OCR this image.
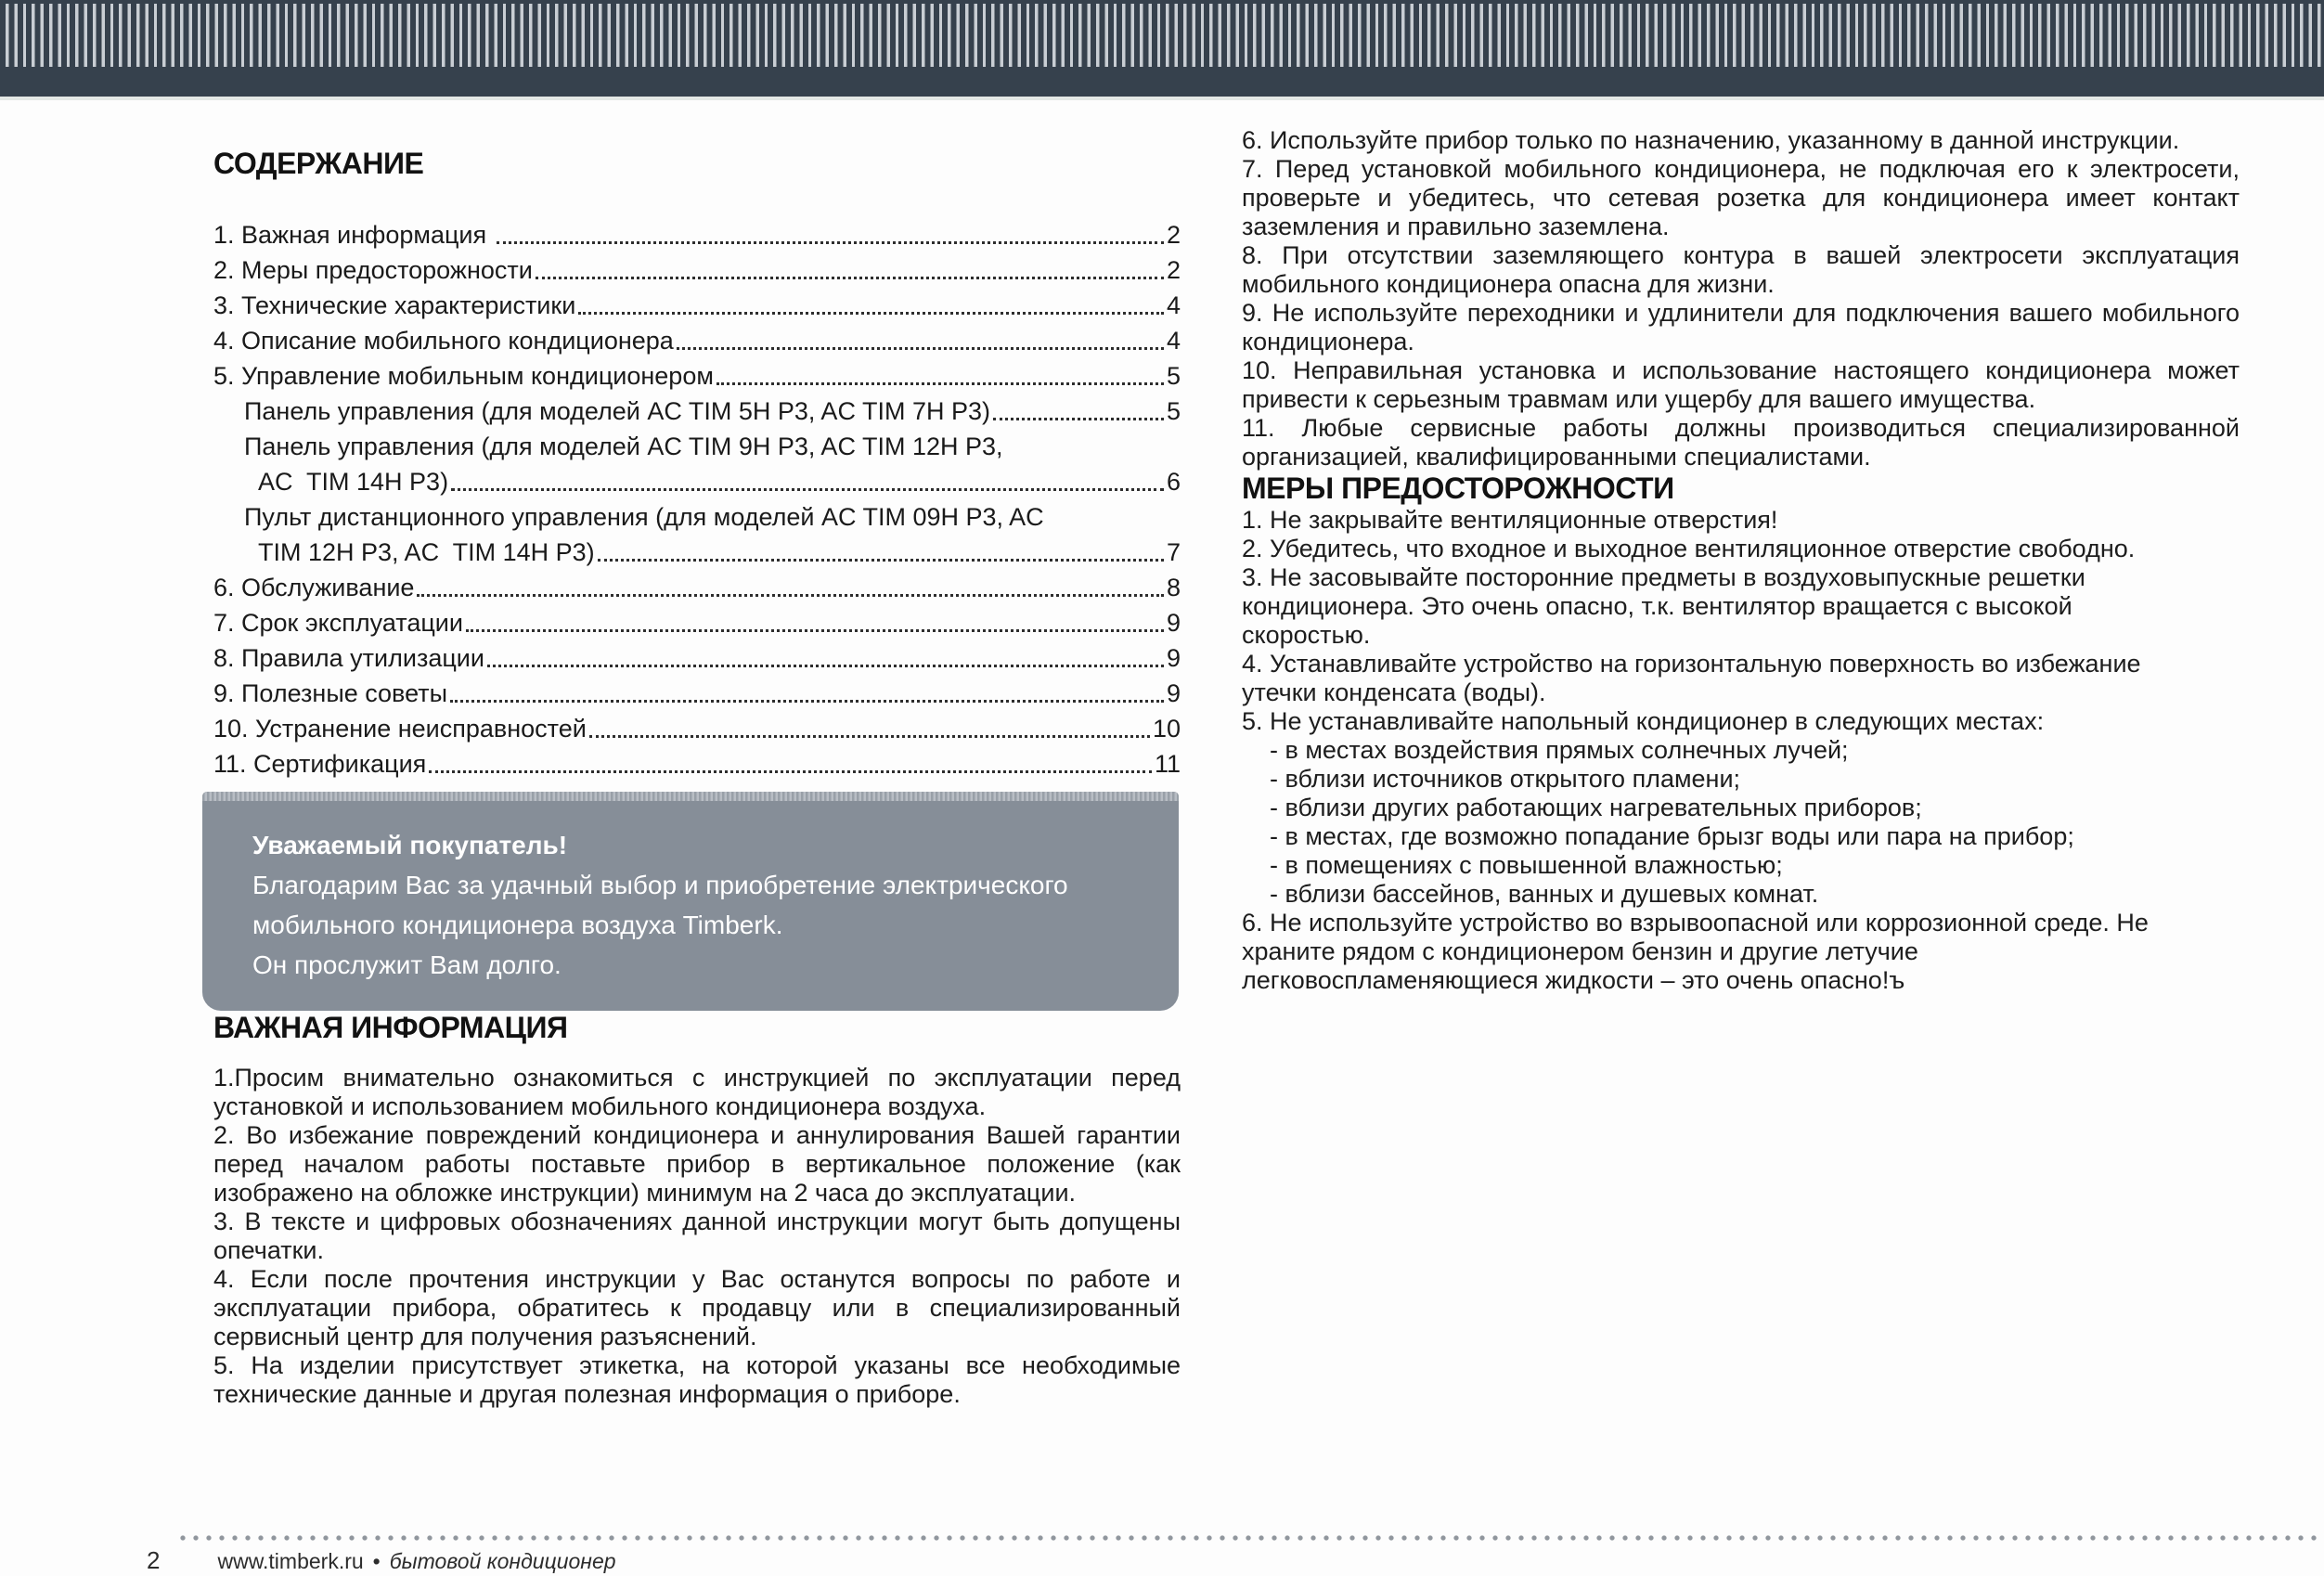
СОДЕРЖАНИЕ
1. Важная информация	2
2. Меры предосторожности	2
3. Технические характеристики	4
4. Описание мобильного кондиционера	4
5. Управление мобильным кондиционером	5
Панель управления (для моделей AC TIM 5H P3, AC TIM 7H P3)	5
Панель управления (для моделей AC TIM 9H P3, AC TIM 12H P3,
AC  TIM 14H P3)	6
Пульт дистанционного управления (для моделей AC TIM 09H P3, AC
TIM 12H P3, AC  TIM 14H P3)	7
6. Обслуживание	8
7. Срок эксплуатации	9
8. Правила утилизации	9
9. Полезные советы	9
10. Устранение неисправностей	10
11. Сертификация	11

Уважаемый покупатель!

Благодарим Вас за удачный выбор и приобретение электрического мобильного кондиционера воздуха Timberk.

Он прослужит Вам долго.

ВАЖНАЯ ИНФОРМАЦИЯ

1.Просим внимательно ознакомиться с инструкцией по эксплуатации перед установкой и использованием мобильного кондиционера воздуха.

2. Во избежание повреждений кондиционера и аннулирования Вашей гарантии перед началом работы поставьте прибор в вертикальное положение (как изображено на обложке инструкции) минимум на 2 часа до эксплуатации.

3. В тексте и цифровых обозначениях данной инструкции могут быть допущены опечатки.

4. Если после прочтения инструкции у Вас останутся вопросы по работе и эксплуатации прибора, обратитесь к продавцу или в специализированный сервисный центр для получения разъяснений.

5. На изделии присутствует этикетка, на которой указаны все необходимые технические данные и другая полезная информация о приборе.

6. Используйте прибор только по назначению, указанному в данной инструкции.

7. Перед установкой мобильного кондиционера, не подключая его к электросети, проверьте и убедитесь, что сетевая розетка для кондиционера имеет контакт заземления и правильно заземлена.

8. При отсутствии заземляющего контура в вашей электросети эксплуатация мобильного кондиционера опасна для жизни.

9. Не используйте переходники и удлинители для подключения вашего мобильного кондиционера.

10. Неправильная установка и использование настоящего кондиционера может привести к серьезным травмам или ущербу для вашего имущества.

11. Любые сервисные работы должны производиться специализированной организацией, квалифицированными специалистами.

МЕРЫ ПРЕДОСТОРОЖНОСТИ

1. Не закрывайте вентиляционные отверстия!

2. Убедитесь, что входное и выходное вентиляционное отверстие свободно.

3. Не засовывайте посторонние предметы в воздуховыпускные решетки кондиционера. Это очень опасно, т.к. вентилятор вращается с высокой скоростью.

4. Устанавливайте устройство на горизонтальную поверхность во избежание утечки конденсата (воды).

5. Не устанавливайте напольный кондиционер в следующих местах:

- в местах воздействия прямых солнечных лучей;

- вблизи источников открытого пламени;

- вблизи других работающих нагревательных приборов;

- в местах, где возможно попадание брызг воды или пара на прибор;

- в помещениях с повышенной влажностью;

- вблизи бассейнов, ванных и душевых комнат.

6. Не используйте устройство во взрывоопасной или коррозионной среде. Не храните рядом с кондиционером бензин и другие летучие легковоспламеняющиеся жидкости – это очень опасно!ъ

2	www.timberk.ru • бытовой кондиционер
